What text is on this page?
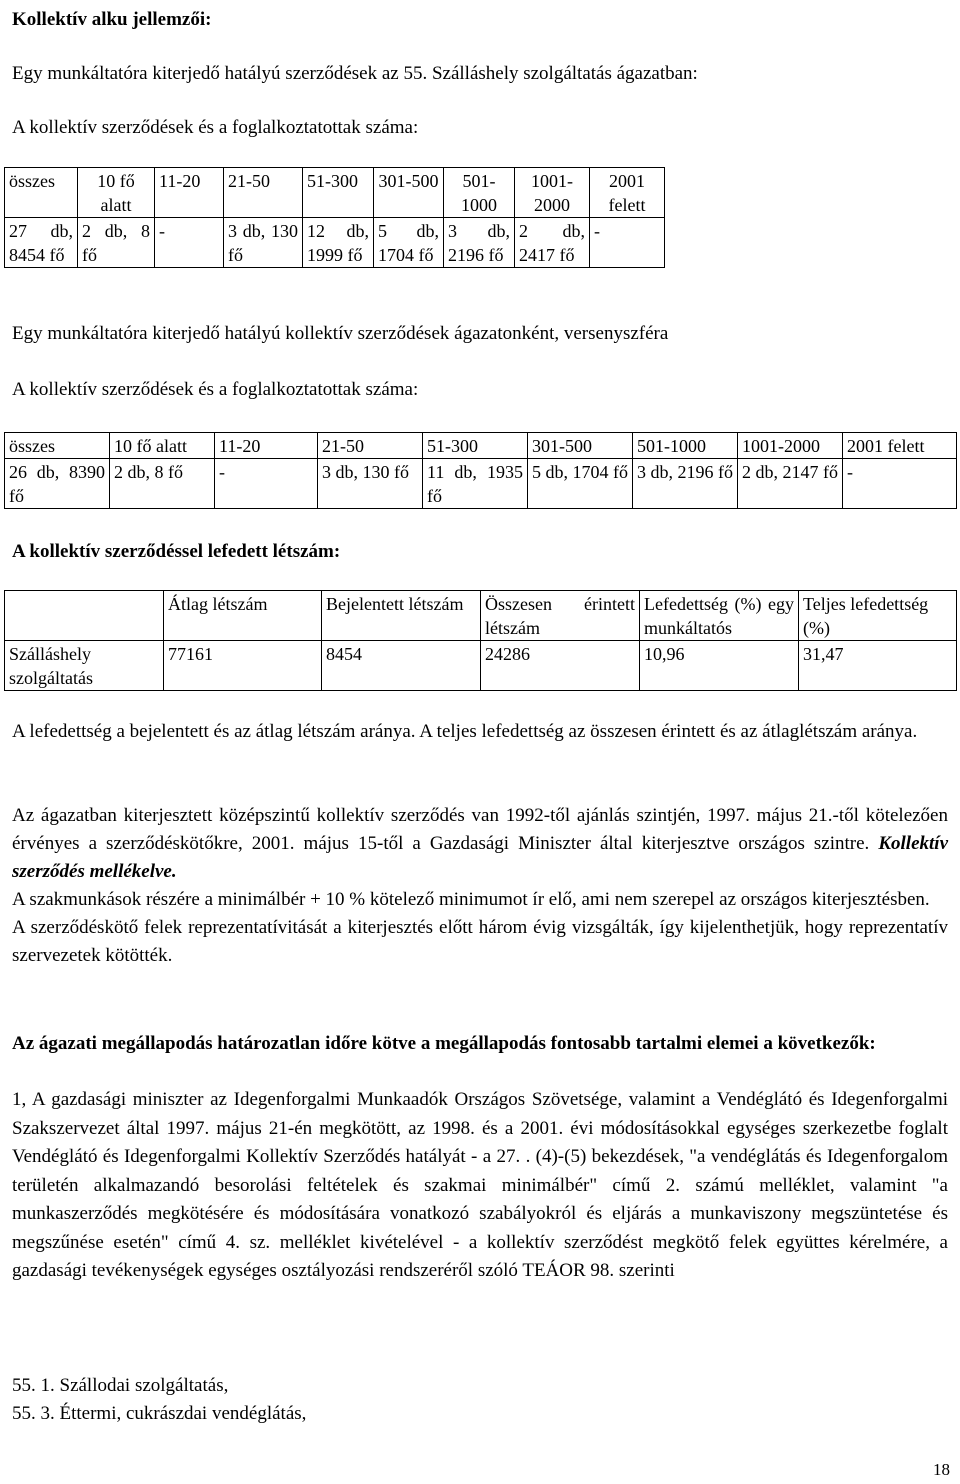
Kollektív alku jellemzői:
Egy munkáltatóra kiterjedő hatályú szerződések az 55. Szálláshely szolgáltatás ágazatban:
A kollektív szerződések és a foglalkoztatottak száma:
összes	10 fő alatt	11-20	21-50	51-300	301-500	501-1000	1001-2000	2001 felett
27 db, 8454 fő	2 db, 8 fő	-	3 db, 130 fő	12 db, 1999 fő	5 db, 1704 fő	3 db, 2196 fő	2 db, 2417 fő	-
Egy munkáltatóra kiterjedő hatályú kollektív szerződések ágazatonként, versenyszféra
A kollektív szerződések és a foglalkoztatottak száma:
összes	10 fő alatt	11-20	21-50	51-300	301-500	501-1000	1001-2000	2001 felett
26 db, 8390 fő	2 db, 8 fő	-	3 db, 130 fő	11 db, 1935 fő	5 db, 1704 fő	3 db, 2196 fő	2 db, 2147 fő	-
A kollektív szerződéssel lefedett létszám:
	Átlag létszám	Bejelentett létszám	Összesen érintett létszám	Lefedettség (%) egy munkáltatós	Teljes lefedettség (%)
Szálláshely szolgáltatás	77161	8454	24286	10,96	31,47
A lefedettség a bejelentett és az átlag létszám aránya. A teljes lefedettség az összesen érintett és az átlaglétszám aránya.
Az ágazatban kiterjesztett középszintű kollektív szerződés van 1992-től ajánlás szintjén, 1997. május 21.-től kötelezően érvényes a szerződéskötőkre, 2001. május 15-től a Gazdasági Miniszter által kiterjesztve országos szintre. Kollektív szerződés mellékelve.
A szakmunkások részére a minimálbér + 10 % kötelező minimumot ír elő, ami nem szerepel az országos kiterjesztésben.
A szerződéskötő felek reprezentatívitását a kiterjesztés előtt három évig vizsgálták, így kijelenthetjük, hogy reprezentatív szervezetek kötötték.
Az ágazati megállapodás határozatlan időre kötve a megállapodás fontosabb tartalmi elemei a következők:
1, A gazdasági miniszter az Idegenforgalmi Munkaadók Országos Szövetsége, valamint a Vendéglátó és Idegenforgalmi Szakszervezet által 1997. május 21-én megkötött, az 1998. és a 2001. évi módosításokkal egységes szerkezetbe foglalt Vendéglátó és Idegenforgalmi Kollektív Szerződés hatályát - a 27. . (4)-(5) bekezdések, "a vendéglátás és Idegenforgalom területén alkalmazandó besorolási feltételek és szakmai minimálbér" című 2. számú melléklet, valamint "a munkaszerződés megkötésére és módosítására vonatkozó szabályokról és eljárás a munkaviszony megszüntetése és megszűnése esetén" című 4. sz. melléklet kivételével - a kollektív szerződést megkötő felek együttes kérelmére, a gazdasági tevékenységek egységes osztályozási rendszeréről szóló TEÁOR 98. szerinti
55. 1. Szállodai szolgáltatás,
55. 3. Éttermi, cukrászdai vendéglátás,
18
